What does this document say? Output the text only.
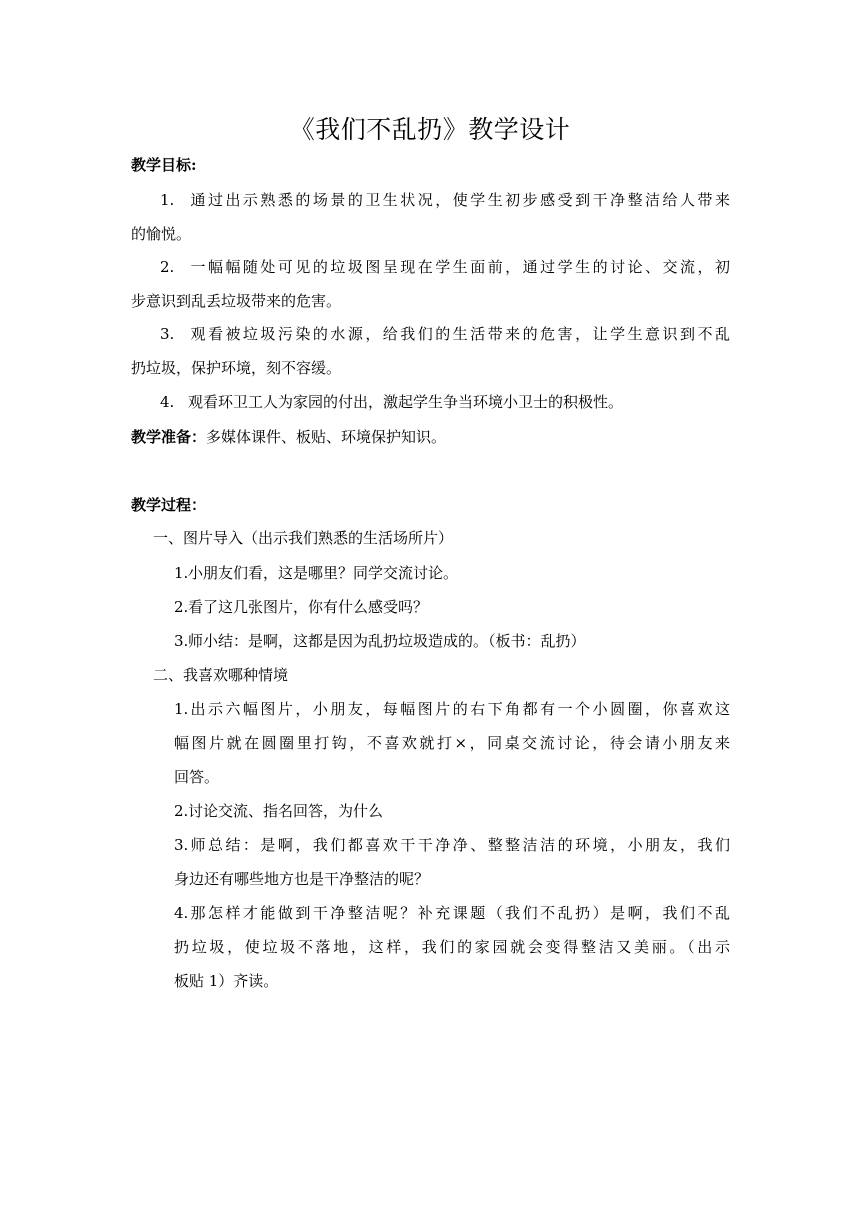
《我们不乱扔》教学设计
教学目标:
1. 通过出示熟悉的场景的卫生状况，使学生初步感受到干净整洁给人带来
的愉悦。
2. 一幅幅随处可见的垃圾图呈现在学生面前，通过学生的讨论、交流，初
步意识到乱丢垃圾带来的危害。
3. 观看被垃圾污染的水源，给我们的生活带来的危害，让学生意识到不乱
扔垃圾，保护环境，刻不容缓。
4. 观看环卫工人为家园的付出，激起学生争当环境小卫士的积极性。
教学准备：多媒体课件、板贴、环境保护知识。
教学过程：
一、图片导入（出示我们熟悉的生活场所片）
1.小朋友们看，这是哪里？同学交流讨论。
2.看了这几张图片，你有什么感受吗？
3.师小结：是啊，这都是因为乱扔垃圾造成的。（板书：乱扔）
二、我喜欢哪种情境
1.出示六幅图片，小朋友，每幅图片的右下角都有一个小圆圈，你喜欢这
幅图片就在圆圈里打钩，不喜欢就打×，同桌交流讨论，待会请小朋友来
回答。
2.讨论交流、指名回答，为什么
3.师总结：是啊，我们都喜欢干干净净、整整洁洁的环境，小朋友，我们
身边还有哪些地方也是干净整洁的呢？
4.那怎样才能做到干净整洁呢？补充课题（我们不乱扔）是啊，我们不乱
扔垃圾，使垃圾不落地，这样，我们的家园就会变得整洁又美丽。（出示
板贴 1）齐读。
